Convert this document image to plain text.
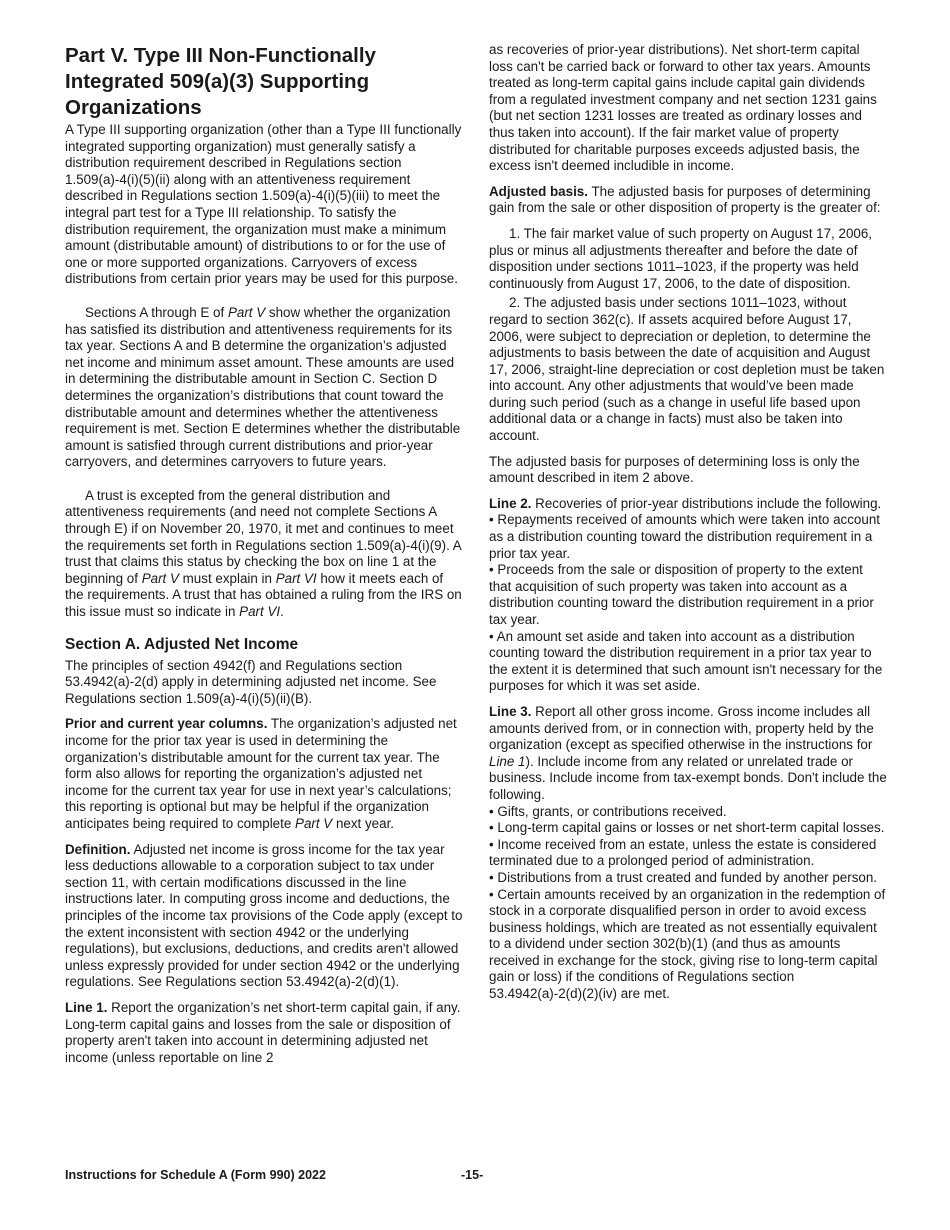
Part V. Type III Non-Functionally Integrated 509(a)(3) Supporting Organizations

A Type III supporting organization (other than a Type III functionally integrated supporting organization) must generally satisfy a distribution requirement described in Regulations section 1.509(a)-4(i)(5)(ii) along with an attentiveness requirement described in Regulations section 1.509(a)-4(i)(5)(iii) to meet the integral part test for a Type III relationship. To satisfy the distribution requirement, the organization must make a minimum amount (distributable amount) of distributions to or for the use of one or more supported organizations. Carryovers of excess distributions from certain prior years may be used for this purpose.

Sections A through E of Part V show whether the organization has satisfied its distribution and attentiveness requirements for its tax year. Sections A and B determine the organization’s adjusted net income and minimum asset amount. These amounts are used in determining the distributable amount in Section C. Section D determines the organization’s distributions that count toward the distributable amount and determines whether the attentiveness requirement is met. Section E determines whether the distributable amount is satisfied through current distributions and prior-year carryovers, and determines carryovers to future years.

A trust is excepted from the general distribution and attentiveness requirements (and need not complete Sections A through E) if on November 20, 1970, it met and continues to meet the requirements set forth in Regulations section 1.509(a)-4(i)(9). A trust that claims this status by checking the box on line 1 at the beginning of Part V must explain in Part VI how it meets each of the requirements. A trust that has obtained a ruling from the IRS on this issue must so indicate in Part VI.

Section A. Adjusted Net Income

The principles of section 4942(f) and Regulations section 53.4942(a)-2(d) apply in determining adjusted net income. See Regulations section 1.509(a)-4(i)(5)(ii)(B).

Prior and current year columns. The organization’s adjusted net income for the prior tax year is used in determining the organization’s distributable amount for the current tax year. The form also allows for reporting the organization’s adjusted net income for the current tax year for use in next year’s calculations; this reporting is optional but may be helpful if the organization anticipates being required to complete Part V next year.

Definition. Adjusted net income is gross income for the tax year less deductions allowable to a corporation subject to tax under section 11, with certain modifications discussed in the line instructions later. In computing gross income and deductions, the principles of the income tax provisions of the Code apply (except to the extent inconsistent with section 4942 or the underlying regulations), but exclusions, deductions, and credits aren't allowed unless expressly provided for under section 4942 or the underlying regulations. See Regulations section 53.4942(a)-2(d)(1).

Line 1. Report the organization’s net short-term capital gain, if any. Long-term capital gains and losses from the sale or disposition of property aren't taken into account in determining adjusted net income (unless reportable on line 2

as recoveries of prior-year distributions). Net short-term capital loss can't be carried back or forward to other tax years. Amounts treated as long-term capital gains include capital gain dividends from a regulated investment company and net section 1231 gains (but net section 1231 losses are treated as ordinary losses and thus taken into account). If the fair market value of property distributed for charitable purposes exceeds adjusted basis, the excess isn't deemed includible in income.

Adjusted basis. The adjusted basis for purposes of determining gain from the sale or other disposition of property is the greater of:

1. The fair market value of such property on August 17, 2006, plus or minus all adjustments thereafter and before the date of disposition under sections 1011–1023, if the property was held continuously from August 17, 2006, to the date of disposition.

2. The adjusted basis under sections 1011–1023, without regard to section 362(c). If assets acquired before August 17, 2006, were subject to depreciation or depletion, to determine the adjustments to basis between the date of acquisition and August 17, 2006, straight-line depreciation or cost depletion must be taken into account. Any other adjustments that would’ve been made during such period (such as a change in useful life based upon additional data or a change in facts) must also be taken into account.

The adjusted basis for purposes of determining loss is only the amount described in item 2 above.

Line 2. Recoveries of prior-year distributions include the following.

• Repayments received of amounts which were taken into account as a distribution counting toward the distribution requirement in a prior tax year.

• Proceeds from the sale or disposition of property to the extent that acquisition of such property was taken into account as a distribution counting toward the distribution requirement in a prior tax year.

• An amount set aside and taken into account as a distribution counting toward the distribution requirement in a prior tax year to the extent it is determined that such amount isn't necessary for the purposes for which it was set aside.

Line 3. Report all other gross income. Gross income includes all amounts derived from, or in connection with, property held by the organization (except as specified otherwise in the instructions for Line 1). Include income from any related or unrelated trade or business. Include income from tax-exempt bonds. Don't include the following.

• Gifts, grants, or contributions received.

• Long-term capital gains or losses or net short-term capital losses.

• Income received from an estate, unless the estate is considered terminated due to a prolonged period of administration.

• Distributions from a trust created and funded by another person.

• Certain amounts received by an organization in the redemption of stock in a corporate disqualified person in order to avoid excess business holdings, which are treated as not essentially equivalent to a dividend under section 302(b)(1) (and thus as amounts received in exchange for the stock, giving rise to long-term capital gain or loss) if the conditions of Regulations section 53.4942(a)-2(d)(2)(iv) are met.

Instructions for Schedule A (Form 990) 2022	-15-
